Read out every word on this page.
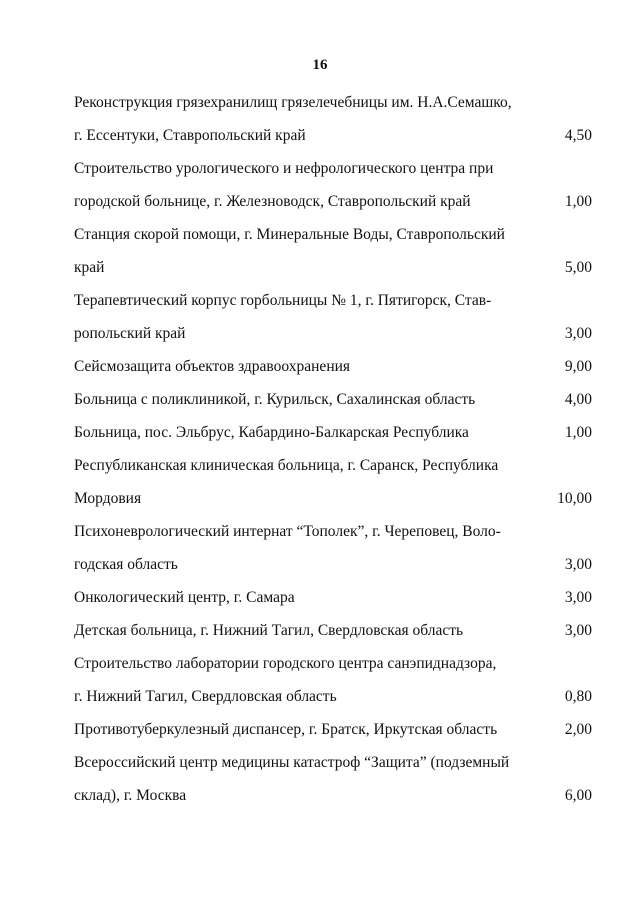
16
Реконструкция грязехранилищ грязелечебницы им. Н.А.Семашко,
г. Ессентуки, Ставропольский край	4,50
Строительство урологического и нефрологического центра при
городской больнице, г. Железноводск, Ставропольский край	1,00
Станция скорой помощи, г. Минеральные Воды, Ставропольский
край	5,00
Терапевтический корпус горбольницы № 1, г. Пятигорск, Став-
ропольский край	3,00
Сейсмозащита объектов здравоохранения	9,00
Больница с поликлиникой, г. Курильск, Сахалинская область	4,00
Больница, пос. Эльбрус, Кабардино-Балкарская Республика	1,00
Республиканская клиническая больница, г. Саранск, Республика
Мордовия	10,00
Психоневрологический интернат “Тополек”, г. Череповец, Воло-
годская область	3,00
Онкологический центр, г. Самара	3,00
Детская больница, г. Нижний Тагил, Свердловская область	3,00
Строительство лаборатории городского центра санэпиднадзора,
г. Нижний Тагил, Свердловская область	0,80
Противотуберкулезный диспансер, г. Братск, Иркутская область	2,00
Всероссийский центр медицины катастроф “Защита” (подземный
склад), г. Москва	6,00
